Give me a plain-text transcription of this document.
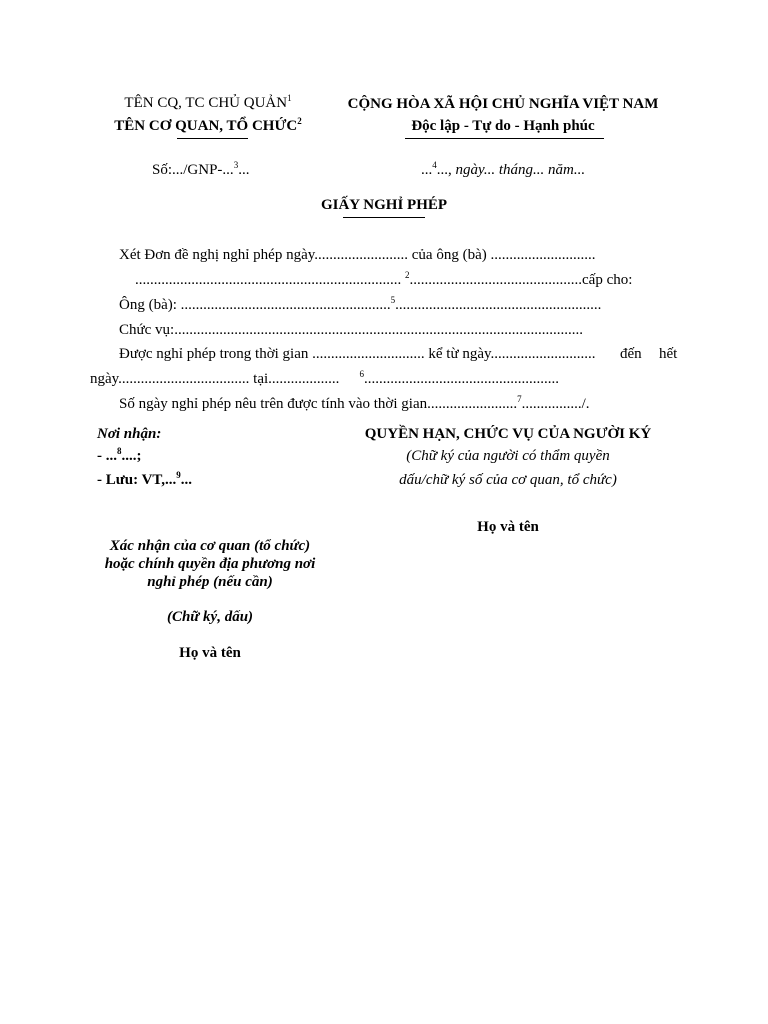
TÊN CQ, TC CHỦ QUẢN$^1$
TÊN CƠ QUAN, TỔ CHỨC$^2$
CỘNG HÒA XÃ HỘI CHỦ NGHĨA VIỆT NAM
Độc lập - Tự do - Hạnh phúc
Số:.../GNP-...$^3$...	...$^4$..., ngày... tháng... năm...
GIẤY NGHỈ PHÉP
Xét Đơn đề nghị nghỉ phép ngày......................... của ông (bà) ............................
....................................................................... $^2$..............................................cấp cho:
Ông (bà): ........................................................$^5$.......................................................
Chức vụ:.............................................................................................................
Được nghỉ phép trong thời gian .............................. kể từ ngày............................ đến hết
ngày................................... tại................... $^6$....................................................
Số ngày nghỉ phép nêu trên được tính vào thời gian........................$^7$................/.
Nơi nhận:
- ...$^8$....;
- Lưu: VT,...$^9$...
QUYỀN HẠN, CHỨC VỤ CỦA NGƯỜI KÝ
(Chữ ký của người có thẩm quyền
dấu/chữ ký số của cơ quan, tổ chức)
Họ và tên
Xác nhận của cơ quan (tổ chức)
hoặc chính quyền địa phương nơi
nghỉ phép (nếu cần)
(Chữ ký, dấu)
Họ và tên
